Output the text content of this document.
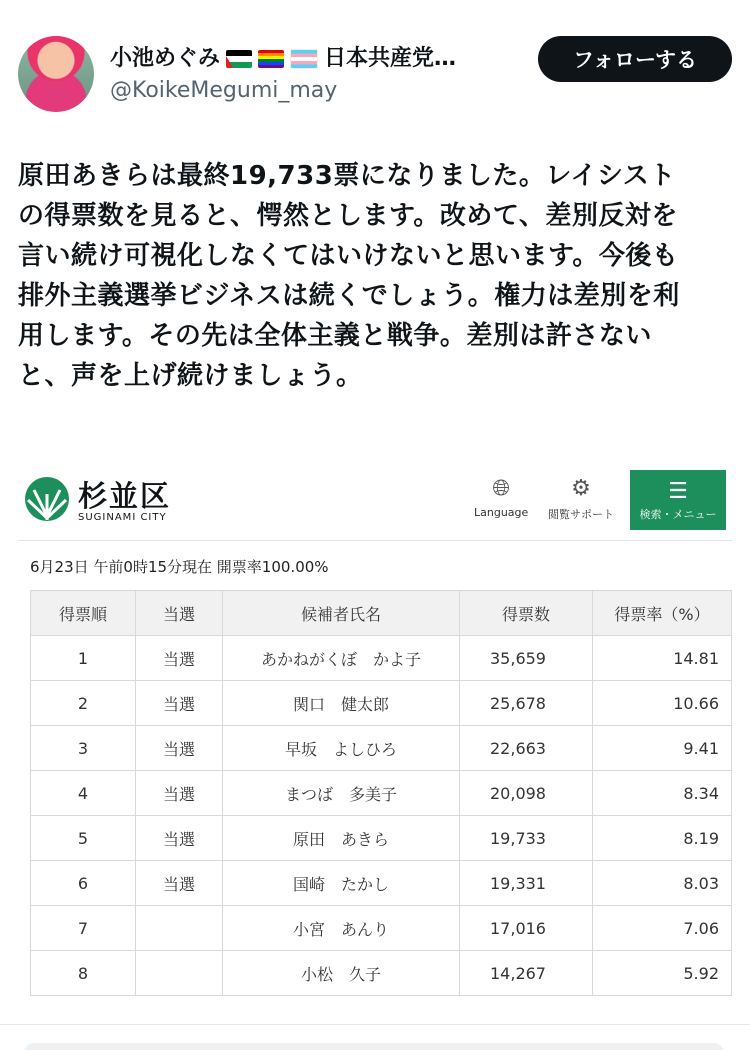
小池めぐみ	日本共産党…
@KoikeMegumi_may
フォローする
原田あきらは最終19,733票になりました。レイシスト
の得票数を見ると、愕然とします。改めて、差別反対を
言い続け可視化しなくてはいけないと思います。今後も
排外主義選挙ビジネスは続くでしょう。権力は差別を利
用します。その先は全体主義と戦争。差別は許さない
と、声を上げ続けましょう。
杉並区
SUGINAMI CITY
🌐︎
Language
⚙
閲覧サポート
☰
検索・メニュー
6月23日 午前0時15分現在 開票率100.00%
得票順	当選	候補者氏名	得票数	得票率（%）
1	当選	あかねがくぼ　かよ子	35,659	14.81
2	当選	関口　健太郎	25,678	10.66
3	当選	早坂　よしひろ	22,663	9.41
4	当選	まつば　多美子	20,098	8.34
5	当選	原田　あきら	19,733	8.19
6	当選	国崎　たかし	19,331	8.03
7		小宮　あんり	17,016	7.06
8		小松　久子	14,267	5.92
